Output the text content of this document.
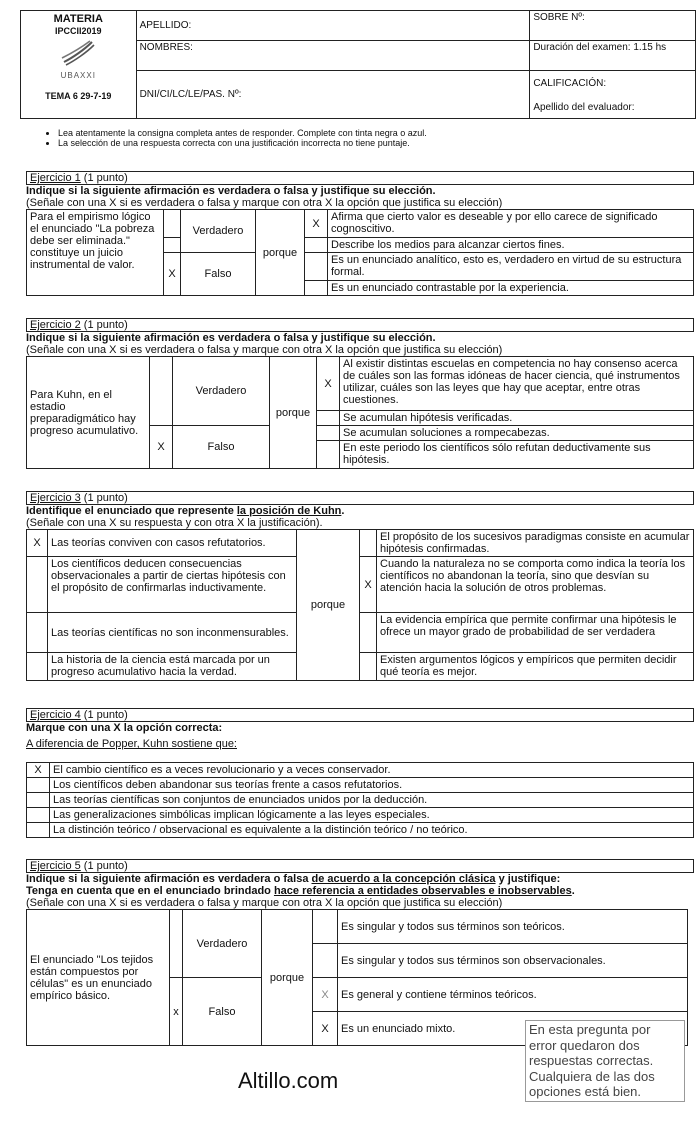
MATERIA
IPCCII2019
UBAXXI
TEMA 6 29-7-19	APELLIDO:	SOBRE Nº:
	NOMBRES:	Duración del examen: 1.15 hs
	DNI/CI/LC/LE/PAS. Nº:	CALIFICACIÓN:
Apellido del evaluador:
• Lea atentamente la consigna completa antes de responder. Complete con tinta negra o azul.
• La selección de una respuesta correcta con una justificación incorrecta no tiene puntaje.
Ejercicio 1 (1 punto)
Indique si la siguiente afirmación es verdadera o falsa y justifique su elección.
(Señale con una X si es verdadera o falsa y marque con otra X la opción que justifica su elección)
Para el empirismo lógico el enunciado "La pobreza debe ser eliminada." constituye un juicio instrumental de valor.		Verdadero	porque	X	Afirma que cierto valor es deseable y por ello carece de significado cognoscitivo.
					Describe los medios para alcanzar ciertos fines.
	X	Falso			Es un enunciado analítico, esto es, verdadero en virtud de su estructura formal.
					Es un enunciado contrastable por la experiencia.
Ejercicio 2 (1 punto)
Indique si la siguiente afirmación es verdadera o falsa y justifique su elección.
(Señale con una X si es verdadera o falsa y marque con otra X la opción que justifica su elección)
Para Kuhn, en el estadio preparadigmático hay progreso acumulativo.		Verdadero	porque	X	Al existir distintas escuelas en competencia no hay consenso acerca de cuáles son las formas idóneas de hacer ciencia, qué instrumentos utilizar, cuáles son las leyes que hay que aceptar, entre otras cuestiones.
					Se acumulan hipótesis verificadas.
	X	Falso			Se acumulan soluciones a rompecabezas.
					En este periodo los científicos sólo refutan deductivamente sus hipótesis.
Ejercicio 3 (1 punto)
Identifique el enunciado que represente la posición de Kuhn.
(Señale con una X su respuesta y con otra X la justificación).
X	Las teorías conviven con casos refutatorios.	porque		El propósito de los sucesivos paradigmas consiste en acumular hipótesis confirmadas.
	Los científicos deducen consecuencias observacionales a partir de ciertas hipótesis con el propósito de confirmarlas inductivamente.		X	Cuando la naturaleza no se comporta como indica la teoría los científicos no abandonan la teoría, sino que desvían su atención hacia la solución de otros problemas.
	Las teorías científicas no son inconmensurables.			La evidencia empírica que permite confirmar una hipótesis le ofrece un mayor grado de probabilidad de ser verdadera
	La historia de la ciencia está marcada por un progreso acumulativo hacia la verdad.			Existen argumentos lógicos y empíricos que permiten decidir qué teoría es mejor.
Ejercicio 4 (1 punto)
Marque con una X la opción correcta:
A diferencia de Popper, Kuhn sostiene que:
X	El cambio científico es a veces revolucionario y a veces conservador.
	Los científicos deben abandonar sus teorías frente a casos refutatorios.
	Las teorías científicas son conjuntos de enunciados unidos por la deducción.
	Las generalizaciones simbólicas implican lógicamente a las leyes especiales.
	La distinción teórico / observacional es equivalente a la distinción teórico / no teórico.
Ejercicio 5 (1 punto)
Indique si la siguiente afirmación es verdadera o falsa de acuerdo a la concepción clásica y justifique:
Tenga en cuenta que en el enunciado brindado hace referencia a entidades observables e inobservables.
(Señale con una X si es verdadera o falsa y marque con otra X la opción que justifica su elección)
El enunciado "Los tejidos están compuestos por células" es un enunciado empírico básico.		Verdadero	porque		Es singular y todos sus términos son teóricos.
					Es singular y todos sus términos son observacionales.
	x	Falso		X	Es general y contiene términos teóricos.
				X	Es un enunciado mixto.	En esta pregunta por error quedaron dos respuestas correctas. Cualquiera de las dos opciones está bien.
Altillo.com
